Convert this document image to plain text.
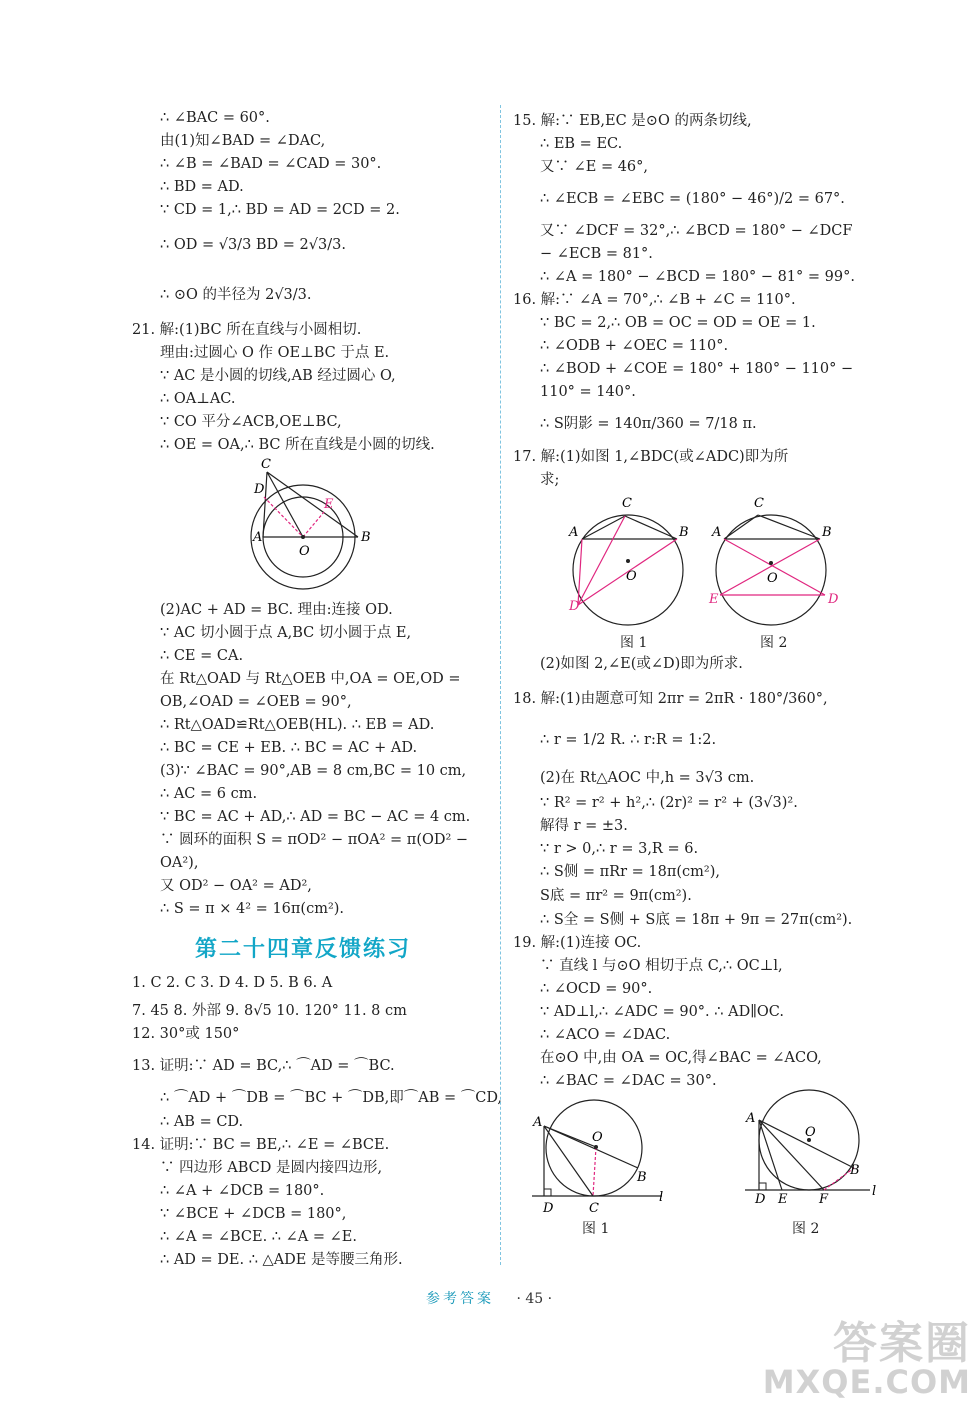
∴ ∠BAC = 60°.
由(1)知∠BAD = ∠DAC,
∴ ∠B = ∠BAD = ∠CAD = 30°.
∴ BD = AD.
∵ CD = 1,∴ BD = AD = 2CD = 2.
∴ OD = √3/3 BD = 2√3/3.
∴ ⊙O 的半径为 2√3/3.
21. 解:(1)BC 所在直线与小圆相切.
理由:过圆心 O 作 OE⊥BC 于点 E.
∵ AC 是小圆的切线,AB 经过圆心 O,
∴ OA⊥AC.
∵ CO 平分∠ACB,OE⊥BC,
∴ OE = OA,∴ BC 所在直线是小圆的切线.
C
D
E
A
O
B
(2)AC + AD = BC. 理由:连接 OD.
∵ AC 切小圆于点 A,BC 切小圆于点 E,
∴ CE = CA.
在 Rt△OAD 与 Rt△OEB 中,OA = OE,OD =
OB,∠OAD = ∠OEB = 90°,
∴ Rt△OAD≌Rt△OEB(HL). ∴ EB = AD.
∴ BC = CE + EB. ∴ BC = AC + AD.
(3)∵ ∠BAC = 90°,AB = 8 cm,BC = 10 cm,
∴ AC = 6 cm.
∵ BC = AC + AD,∴ AD = BC − AC = 4 cm.
∵ 圆环的面积 S = πOD² − πOA² = π(OD² −
OA²),
又 OD² − OA² = AD²,
∴ S = π × 4² = 16π(cm²).
第二十四章反馈练习
1. C 2. C 3. D 4. D 5. B 6. A
7. 45 8. 外部 9. 8√5 10. 120° 11. 8 cm
12. 30°或 150°
13. 证明:∵ AD = BC,∴ ⌒AD = ⌒BC.
∴ ⌒AD + ⌒DB = ⌒BC + ⌒DB,即⌒AB = ⌒CD,
∴ AB = CD.
14. 证明:∵ BC = BE,∴ ∠E = ∠BCE.
∵ 四边形 ABCD 是圆内接四边形,
∴ ∠A + ∠DCB = 180°.
∵ ∠BCE + ∠DCB = 180°,
∴ ∠A = ∠BCE. ∴ ∠A = ∠E.
∴ AD = DE. ∴ △ADE 是等腰三角形.
15. 解:∵ EB,EC 是⊙O 的两条切线,
∴ EB = EC.
又∵ ∠E = 46°,
∴ ∠ECB = ∠EBC = (180° − 46°)/2 = 67°.
又∵ ∠DCF = 32°,∴ ∠BCD = 180° − ∠DCF
− ∠ECB = 81°.
∴ ∠A = 180° − ∠BCD = 180° − 81° = 99°.
16. 解:∵ ∠A = 70°,∴ ∠B + ∠C = 110°.
∵ BC = 2,∴ OB = OC = OD = OE = 1.
∴ ∠ODB + ∠OEC = 110°.
∴ ∠BOD + ∠COE = 180° + 180° − 110° −
110° = 140°.
∴ S阴影 = 140π/360 = 7/18 π.
17. 解:(1)如图 1,∠BDC(或∠ADC)即为所
求;
C
A	B
O
D
图 1
C
A	B
O
E	D
图 2
(2)如图 2,∠E(或∠D)即为所求.
18. 解:(1)由题意可知 2πr = 2πR · 180°/360°,
∴ r = 1/2 R. ∴ r:R = 1:2.
(2)在 Rt△AOC 中,h = 3√3 cm.
∵ R² = r² + h²,∴ (2r)² = r² + (3√3)².
解得 r = ±3.
∵ r > 0,∴ r = 3,R = 6.
∴ S侧 = πRr = 18π(cm²),
S底 = πr² = 9π(cm²).
∴ S全 = S侧 + S底 = 18π + 9π = 27π(cm²).
19. 解:(1)连接 OC.
∵ 直线 l 与⊙O 相切于点 C,∴ OC⊥l,
∴ ∠OCD = 90°.
∵ AD⊥l,∴ ∠ADC = 90°. ∴ AD∥OC.
∴ ∠ACO = ∠DAC.
在⊙O 中,由 OA = OC,得∠BAC = ∠ACO,
∴ ∠BAC = ∠DAC = 30°.
A
O
B
D	C
l
图 1
A
O
B
D E F
l
图 2
参考答案 · 45 ·
答案圈
MXQE.COM
